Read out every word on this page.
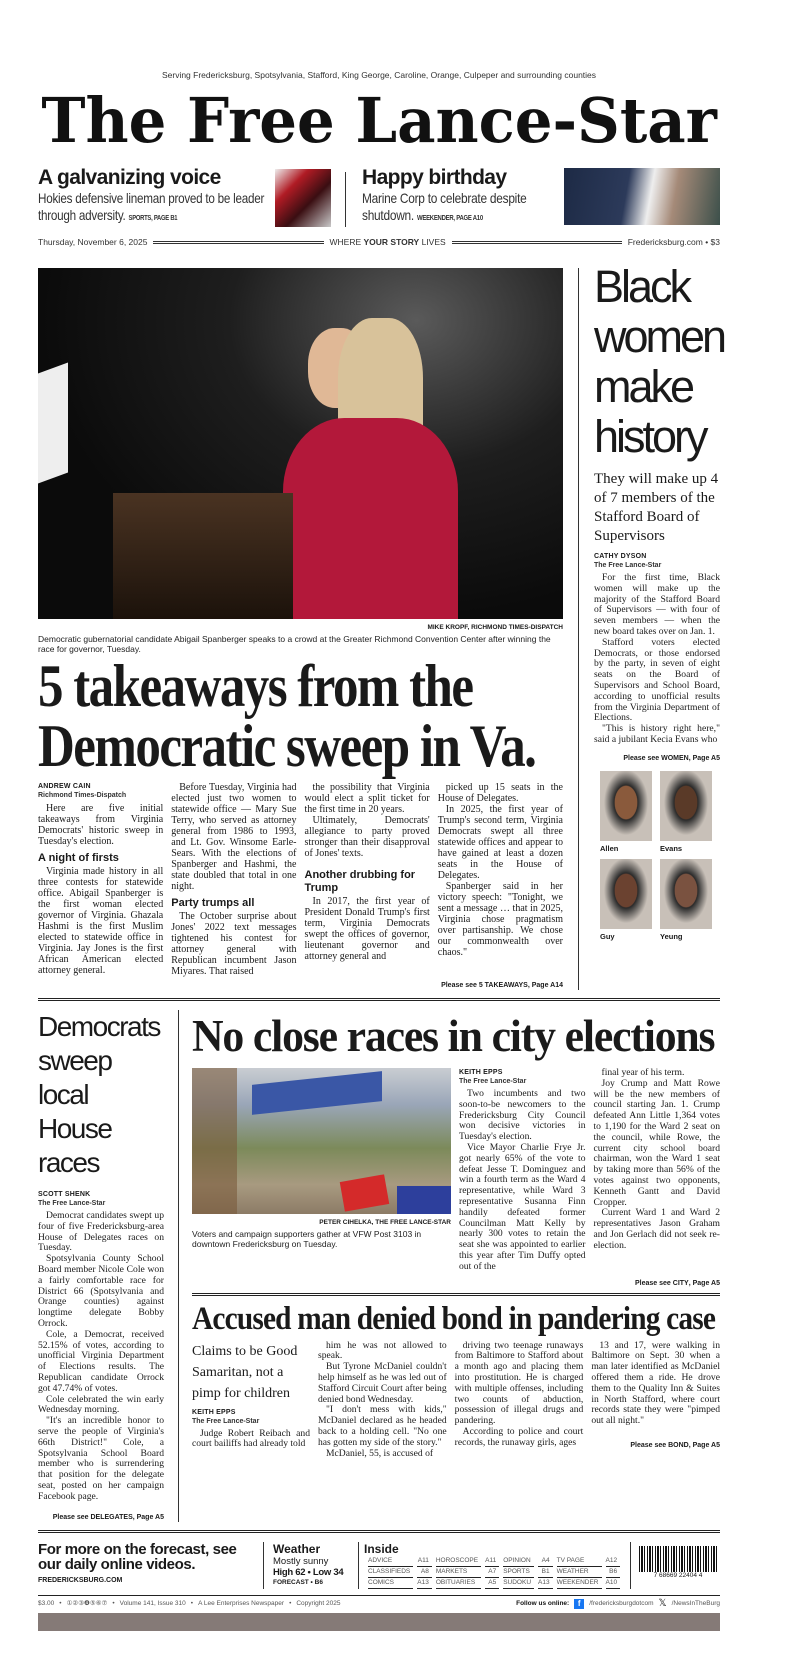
Serving Fredericksburg, Spotsylvania, Stafford, King George, Caroline, Orange, Culpeper and surrounding counties
The Free Lance-Star
A galvanizing voice
Hokies defensive lineman proved to be leader through adversity. SPORTS, PAGE B1
Happy birthday
Marine Corp to celebrate despite shutdown. WEEKENDER, PAGE A10
Thursday, November 6, 2025	WHERE YOUR STORY LIVES	Fredericksburg.com • $3
MIKE KROPF, RICHMOND TIMES-DISPATCH
Democratic gubernatorial candidate Abigail Spanberger speaks to a crowd at the Greater Richmond Convention Center after winning the race for governor, Tuesday.
5 takeaways from the Democratic sweep in Va.
ANDREW CAIN
Richmond Times-Dispatch

Here are five initial takeaways from Virginia Democrats' historic sweep in Tuesday's election.

A night of firsts

Virginia made history in all three contests for statewide office. Abigail Spanberger is the first woman elected governor of Virginia. Ghazala Hashmi is the first Muslim elected to statewide office in Virginia. Jay Jones is the first African American elected attorney general.

Before Tuesday, Virginia had elected just two women to statewide office — Mary Sue Terry, who served as attorney general from 1986 to 1993, and Lt. Gov. Winsome Earle-Sears. With the elections of Spanberger and Hashmi, the state doubled that total in one night.

Party trumps all

The October surprise about Jones' 2022 text messages tightened his contest for attorney general with Republican incumbent Jason Miyares. That raised

the possibility that Virginia would elect a split ticket for the first time in 20 years.

Ultimately, Democrats' allegiance to party proved stronger than their disapproval of Jones' texts.

Another drubbing for Trump

In 2017, the first year of President Donald Trump's first term, Virginia Democrats swept the offices of governor, lieutenant governor and attorney general and

picked up 15 seats in the House of Delegates.

In 2025, the first year of Trump's second term, Virginia Democrats swept all three statewide offices and appear to have gained at least a dozen seats in the House of Delegates.

Spanberger said in her victory speech: "Tonight, we sent a message … that in 2025, Virginia chose pragmatism over partisanship. We chose our commonwealth over chaos."

Please see 5 TAKEAWAYS, Page A14
Black women make history
They will make up 4 of 7 members of the Stafford Board of Supervisors
CATHY DYSON
The Free Lance-Star

For the first time, Black women will make up the majority of the Stafford Board of Supervisors — with four of seven members — when the new board takes over on Jan. 1.

Stafford voters elected Democrats, or those endorsed by the party, in seven of eight seats on the Board of Supervisors and School Board, according to unofficial results from the Virginia Department of Elections.

"This is history right here," said a jubilant Kecia Evans who

Please see WOMEN, Page A5
Allen	Evans
Guy	Yeung
Democrats sweep local House races
SCOTT SHENK
The Free Lance-Star

Democrat candidates swept up four of five Fredericksburg-area House of Delegates races on Tuesday.

Spotsylvania County School Board member Nicole Cole won a fairly comfortable race for District 66 (Spotsylvania and Orange counties) against longtime delegate Bobby Orrock.

Cole, a Democrat, received 52.15% of votes, according to unofficial Virginia Department of Elections results. The Republican candidate Orrock got 47.74% of votes.

Cole celebrated the win early Wednesday morning.

"It's an incredible honor to serve the people of Virginia's 66th District!" Cole, a Spotsylvania School Board member who is surrendering that position for the delegate seat, posted on her campaign Facebook page.

Please see DELEGATES, Page A5
No close races in city elections
PETER CIHELKA, THE FREE LANCE-STAR
Voters and campaign supporters gather at VFW Post 3103 in downtown Fredericksburg on Tuesday.
KEITH EPPS
The Free Lance-Star

Two incumbents and two soon-to-be newcomers to the Fredericksburg City Council won decisive victories in Tuesday's election.

Vice Mayor Charlie Frye Jr. got nearly 65% of the vote to defeat Jesse T. Dominguez and win a fourth term as the Ward 4 representative, while Ward 3 representative Susanna Finn handily defeated former Councilman Matt Kelly by nearly 300 votes to retain the seat she was appointed to earlier this year after Tim Duffy opted out of the

final year of his term.

Joy Crump and Matt Rowe will be the new members of council starting Jan. 1. Crump defeated Ann Little 1,364 votes to 1,190 for the Ward 2 seat on the council, while Rowe, the current city school board chairman, won the Ward 1 seat by taking more than 56% of the votes against two opponents, Kenneth Gantt and David Cropper.

Current Ward 1 and Ward 2 representatives Jason Graham and Jon Gerlach did not seek re-election.

Please see CITY, Page A5
Accused man denied bond in pandering case
Claims to be Good Samaritan, not a pimp for children
KEITH EPPS
The Free Lance-Star

Judge Robert Reibach and court bailiffs had already told

him he was not allowed to speak.

But Tyrone McDaniel couldn't help himself as he was led out of Stafford Circuit Court after being denied bond Wednesday.

"I don't mess with kids," McDaniel declared as he headed back to a holding cell. "No one has gotten my side of the story."

McDaniel, 55, is accused of

driving two teenage runaways from Baltimore to Stafford about a month ago and placing them into prostitution. He is charged with multiple offenses, including two counts of abduction, possession of illegal drugs and pandering.

According to police and court records, the runaway girls, ages

13 and 17, were walking in Baltimore on Sept. 30 when a man later identified as McDaniel offered them a ride. He drove them to the Quality Inn & Suites in North Stafford, where court records state they were "pimped out all night."

Please see BOND, Page A5
For more on the forecast, see our daily online videos.
FREDERICKSBURG.COM
Weather
Mostly sunny
High 62 • Low 34
FORECAST • B6
Inside
ADVICE	A11	HOROSCOPE	A11	OPINION	A4	TV PAGE	A12
CLASSIFIEDS	A8	MARKETS	A7	SPORTS	B1	WEATHER	B6
COMICS	A13	OBITUARIES	A5	SUDOKU	A13	WEEKENDER	A10
7 68669 22404 4
$3.00 • ①②③❹⑤⑥⑦ • Volume 141, Issue 310 • A Lee Enterprises Newspaper • Copyright 2025	Follow us online:	f	/fredericksburgdotcom 𝕏 /NewsInTheBurg
